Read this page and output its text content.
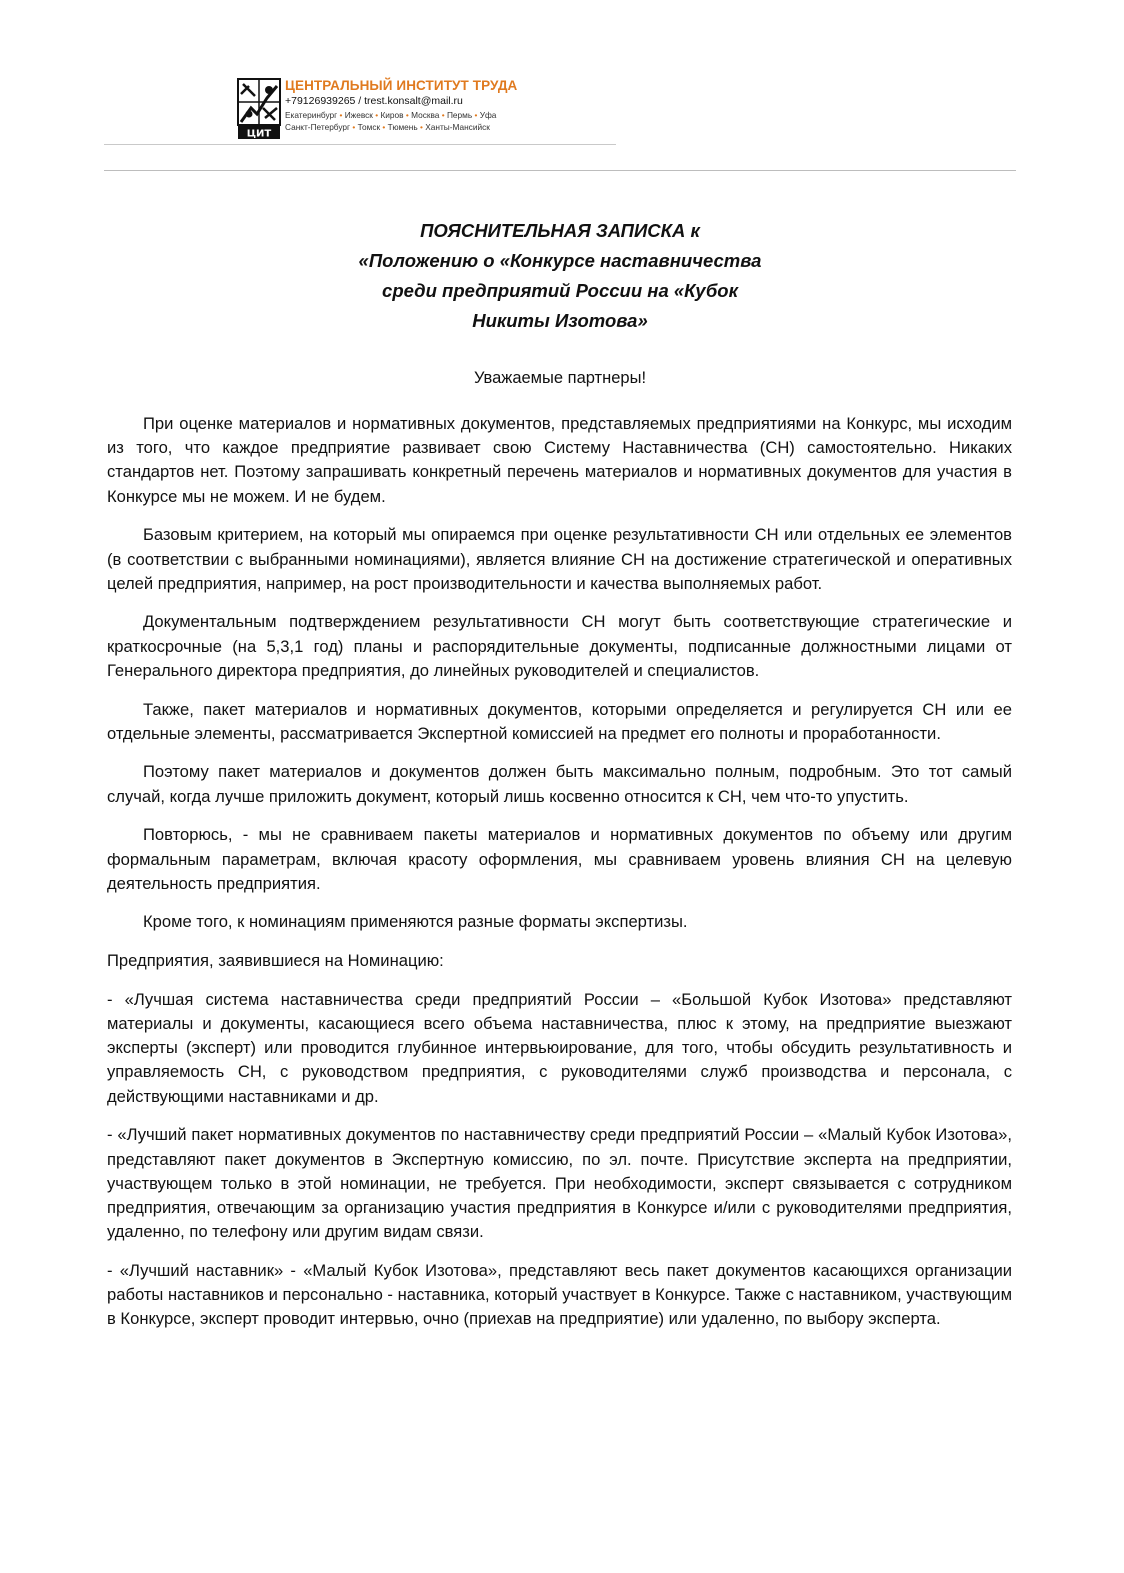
ЦИТ
ЦЕНТРАЛЬНЫЙ ИНСТИТУТ ТРУДА
+79126939265 / trest.konsalt@mail.ru
Екатеринбург • Ижевск • Киров • Москва • Пермь • Уфа
Санкт-Петербург • Томск • Тюмень • Ханты-Мансийск
ПОЯСНИТЕЛЬНАЯ ЗАПИСКА к
«Положению о «Конкурсе наставничества
среди предприятий России на «Кубок
Никиты Изотова»
Уважаемые партнеры!

При оценке материалов и нормативных документов, представляемых предприятиями на Конкурс, мы исходим из того, что каждое предприятие развивает свою Систему Наставничества (СН) самостоятельно. Никаких стандартов нет. Поэтому запрашивать конкретный перечень материалов и нормативных документов для участия в Конкурсе мы не можем. И не будем.

Базовым критерием, на который мы опираемся при оценке результативности СН или отдельных ее элементов (в соответствии с выбранными номинациями), является влияние СН на достижение стратегической и оперативных целей предприятия, например, на рост производительности и качества выполняемых работ.

Документальным подтверждением результативности СН могут быть соответствующие стратегические и краткосрочные (на 5,3,1 год) планы и распорядительные документы, подписанные должностными лицами от Генерального директора предприятия, до линейных руководителей и специалистов.

Также, пакет материалов и нормативных документов, которыми определяется и регулируется СН или ее отдельные элементы, рассматривается Экспертной комиссией на предмет его полноты и проработанности.

Поэтому пакет материалов и документов должен быть максимально полным, подробным. Это тот самый случай, когда лучше приложить документ, который лишь косвенно относится к СН, чем что-то упустить.

Повторюсь, - мы не сравниваем пакеты материалов и нормативных документов по объему или другим формальным параметрам, включая красоту оформления, мы сравниваем уровень влияния СН на целевую деятельность предприятия.

Кроме того, к номинациям применяются разные форматы экспертизы.

Предприятия, заявившиеся на Номинацию:

- «Лучшая система наставничества среди предприятий России – «Большой Кубок Изотова» представляют материалы и документы, касающиеся всего объема наставничества, плюс к этому, на предприятие выезжают эксперты (эксперт) или проводится глубинное интервьюирование, для того, чтобы обсудить результативность и управляемость СН, с руководством предприятия, с руководителями служб производства и персонала, с действующими наставниками и др.

- «Лучший пакет нормативных документов по наставничеству среди предприятий России – «Малый Кубок Изотова», представляют пакет документов в Экспертную комиссию, по эл. почте. Присутствие эксперта на предприятии, участвующем только в этой номинации, не требуется. При необходимости, эксперт связывается с сотрудником предприятия, отвечающим за организацию участия предприятия в Конкурсе и/или с руководителями предприятия, удаленно, по телефону или другим видам связи.

- «Лучший наставник» - «Малый Кубок Изотова», представляют весь пакет документов касающихся организации работы наставников и персонально - наставника, который участвует в Конкурсе. Также с наставником, участвующим в Конкурсе, эксперт проводит интервью, очно (приехав на предприятие) или удаленно, по выбору эксперта.
